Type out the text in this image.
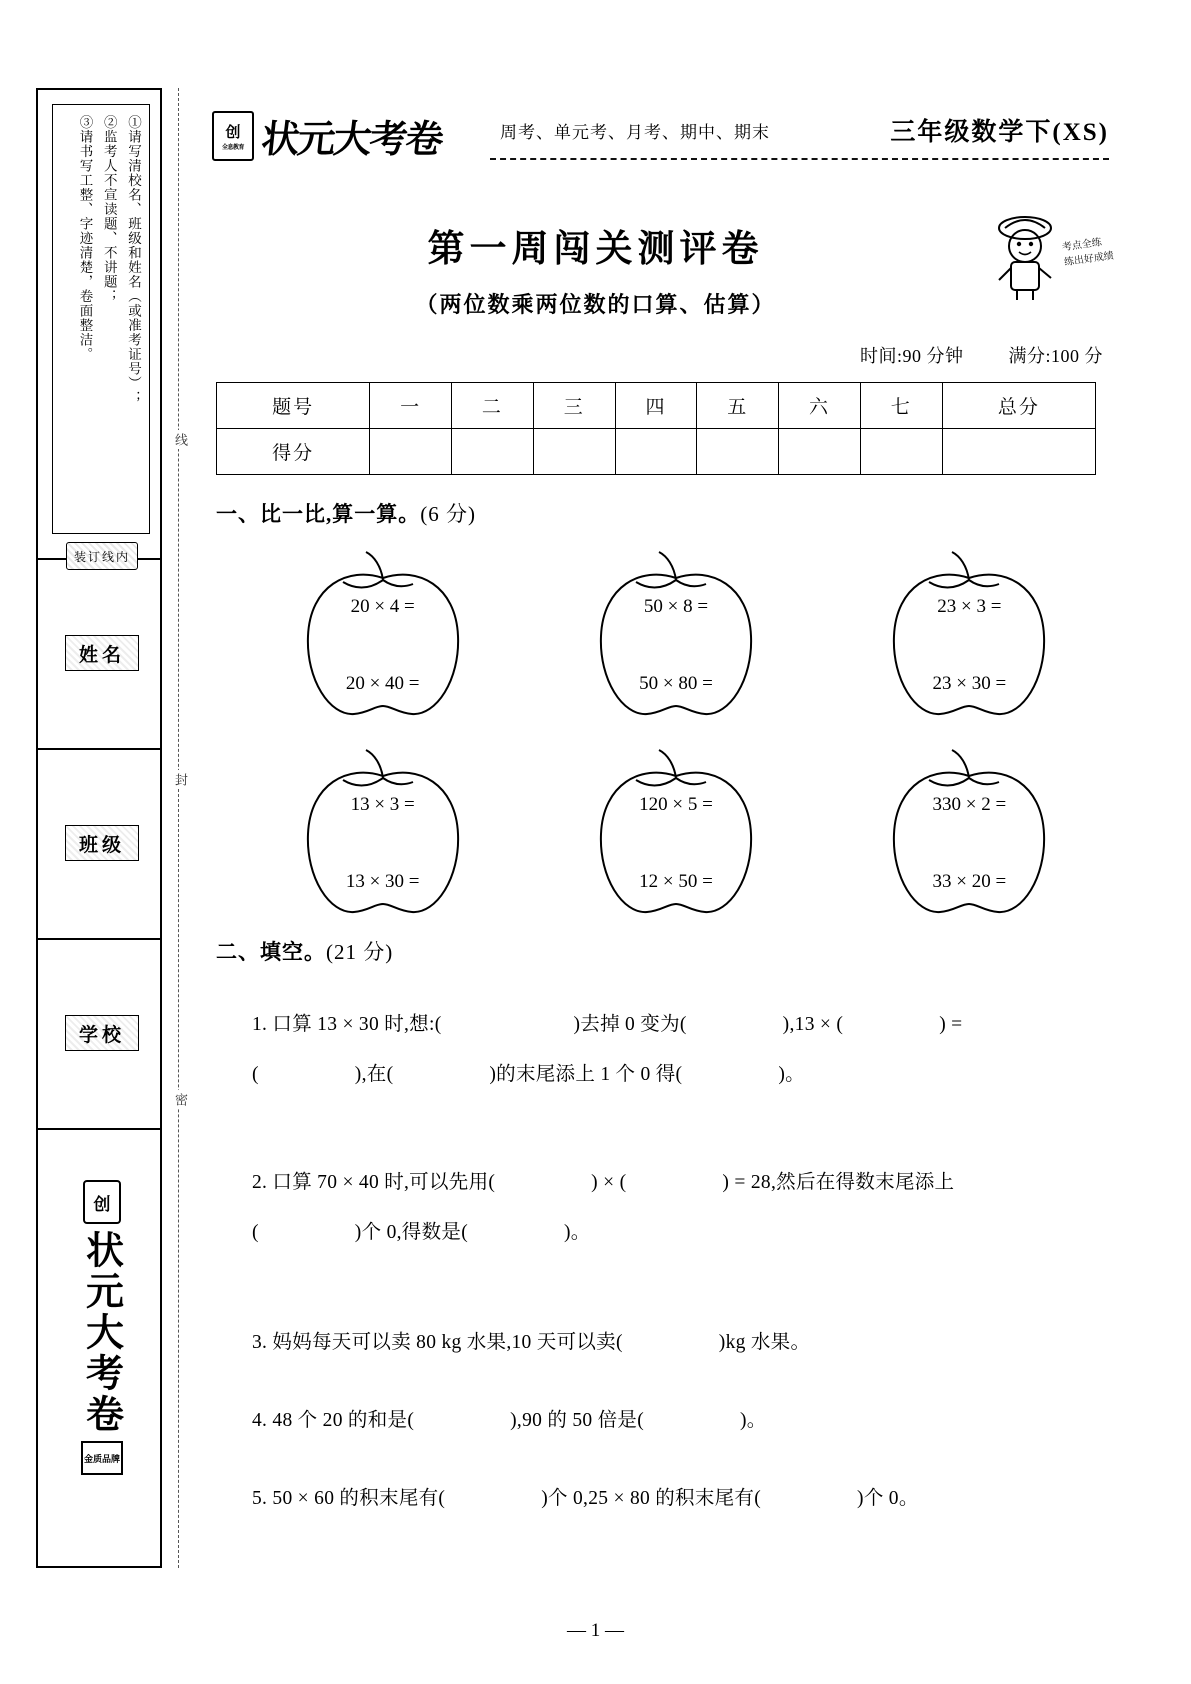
①请写清校名、班级和姓名（或准考证号）；
②监考人不宣读题、不讲题；
③请书写工整、字迹清楚，卷面整洁。
装订线内
姓名
班级
学校
创
状元大考卷
金质品牌
线
封
密
创
全息教育 状元大考卷	周考、单元考、月考、期中、期末	三年级数学下(XS)
第一周闯关测评卷
（两位数乘两位数的口算、估算）
考点全练
练出好成绩
时间:90 分钟	满分:100 分
题号	一	二	三	四	五	六	七	总分
得分								
一、比一比,算一算。(6 分)
20 × 4 =
20 × 40 =
50 × 8 =
50 × 80 =
23 × 3 =
23 × 30 =
13 × 3 =
13 × 30 =
120 × 5 =
12 × 50 =
330 × 2 =
33 × 20 =
二、填空。(21 分)
1. 口算 13 × 30 时,想:(	)去掉 0 变为(	),13 × (	) =
(	),在(	)的末尾添上 1 个 0 得(	)。
2. 口算 70 × 40 时,可以先用(	) × (	) = 28,然后在得数末尾添上
(	)个 0,得数是(	)。
3. 妈妈每天可以卖 80 kg 水果,10 天可以卖(	)kg 水果。
4. 48 个 20 的和是(	),90 的 50 倍是(	)。
5. 50 × 60 的积末尾有(	)个 0,25 × 80 的积末尾有(	)个 0。
— 1 —
